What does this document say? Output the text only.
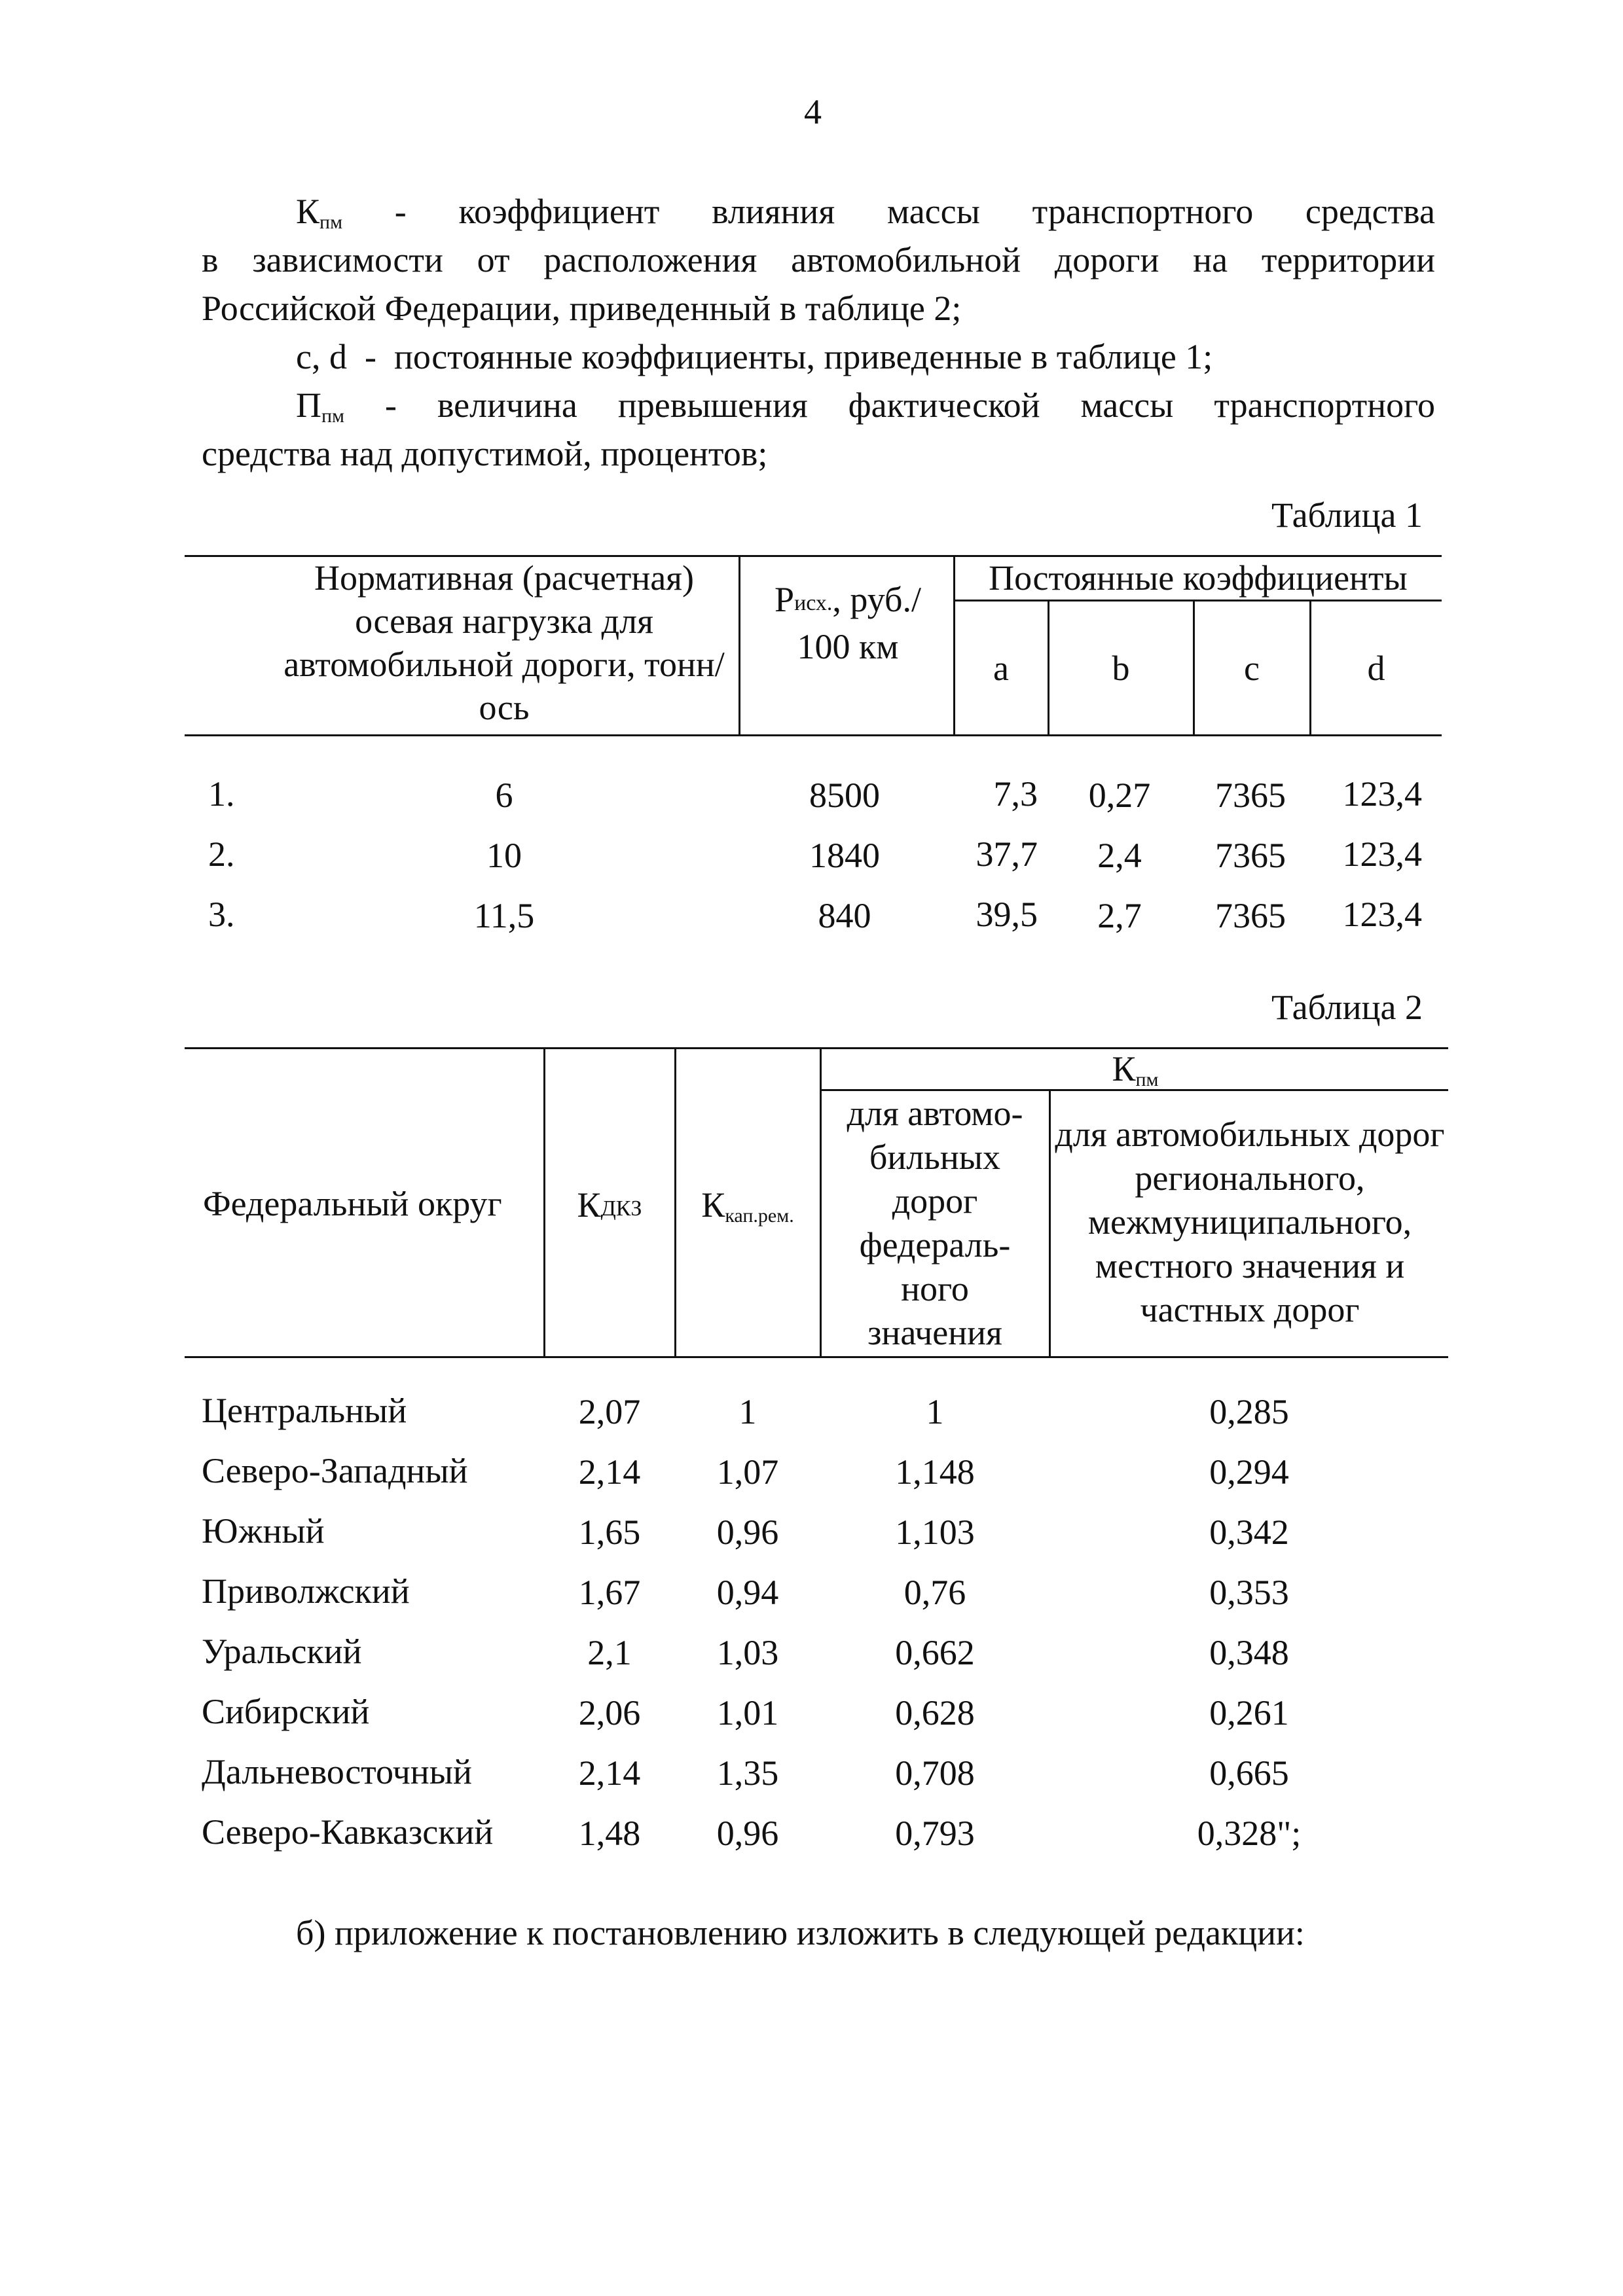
4
Кпм - коэффициент влияния массы транспортного средства
в зависимости от расположения автомобильной дороги на территории
Российской Федерации, приведенный в таблице 2;
c, d  -  постоянные коэффициенты, приведенные в таблице 1;
Ппм - величина превышения фактической массы транспортного
средства над допустимой, процентов;
Таблица 1
Нормативная (расчетная) осевая нагрузка для автомобильной дороги, тонн/ось
Рисх., руб./ 100 км
Постоянные коэффициенты
a	b	c	d
1.	6	8500	7,3	0,27	7365	123,4
2.	10	1840	37,7	2,4	7365	123,4
3.	11,5	840	39,5	2,7	7365	123,4
Таблица 2
Федеральный округ	КДКЗ	Ккап.рем.
Кпм
для автомо-бильных дорог федераль-ного значения
для автомобильных дорог регионального, межмуниципального, местного значения и частных дорог
Центральный	2,07	1	1	0,285
Северо-Западный	2,14	1,07	1,148	0,294
Южный	1,65	0,96	1,103	0,342
Приволжский	1,67	0,94	0,76	0,353
Уральский	2,1	1,03	0,662	0,348
Сибирский	2,06	1,01	0,628	0,261
Дальневосточный	2,14	1,35	0,708	0,665
Северо-Кавказский	1,48	0,96	0,793	0,328";
б) приложение к постановлению изложить в следующей редакции:
